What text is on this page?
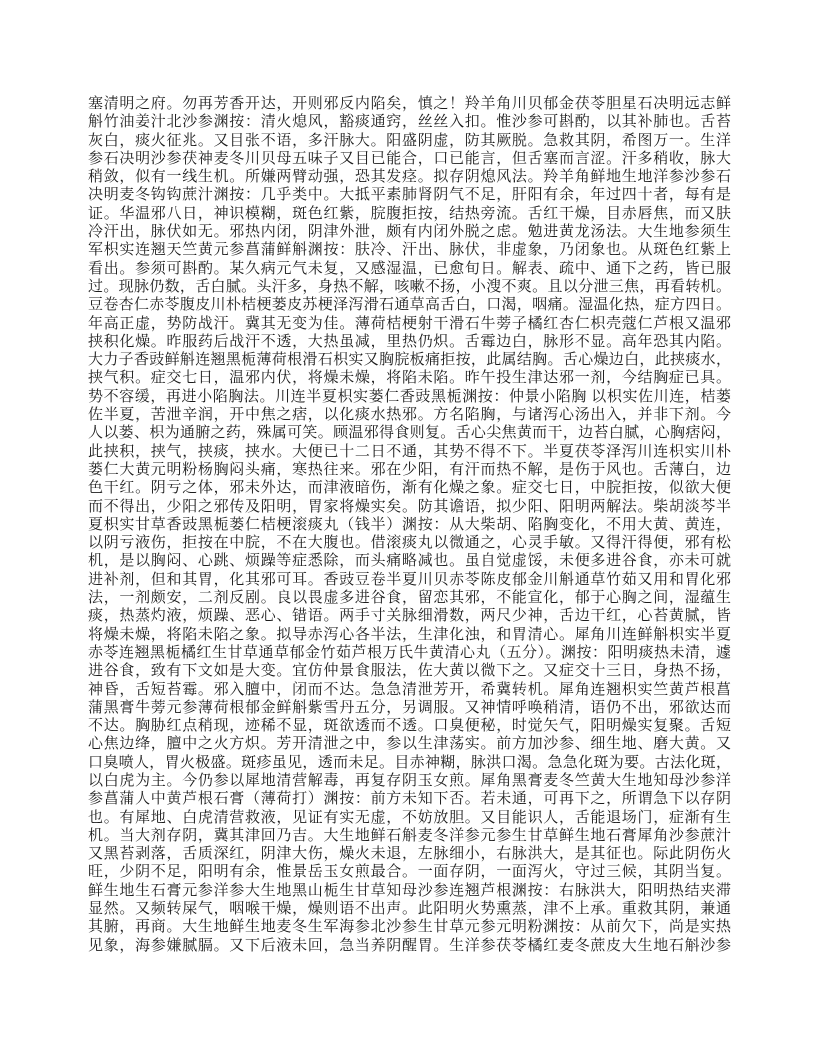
塞清明之府。勿再芳香开达，开则邪反内陷矣，慎之！羚羊角川贝郁金茯苓胆星石决明远志鲜
斛竹油姜汁北沙参渊按：清火熄风，豁痰通窍，丝丝入扣。惟沙参可斟酌，以其补肺也。舌苔
灰白，痰火征兆。又目张不语，多汗脉大。阳盛阴虚，防其厥脱。急救其阴，希图万一。生洋
参石决明沙参茯神麦冬川贝母五味子又目已能合，口已能言，但舌塞而言涩。汗多稍收，脉大
稍敛，似有一线生机。所嫌两臂动强，恐其发痉。拟存阴熄风法。羚羊角鲜地生地洋参沙参石
决明麦冬钩钩蔗汁渊按：几乎类中。大抵平素肺肾阴气不足，肝阳有余，年过四十者，每有是
证。华温邪八日，神识模糊，斑色红紫，脘腹拒按，结热旁流。舌红干燥，目赤唇焦，而又肤
冷汗出，脉伏如无。邪热内闭，阴津外泄，颇有内闭外脱之虑。勉进黄龙汤法。大生地参须生
军枳实连翘天竺黄元参菖蒲鲜斛渊按：肤冷、汗出、脉伏，非虚象，乃闭象也。从斑色红紫上
看出。参须可斟酌。某久病元气未复，又感湿温，已愈旬日。解表、疏中、通下之药，皆已服
过。现脉仍数，舌白腻。头汗多，身热不解，咳嗽不扬，小溲不爽。且以分泄三焦，再看转机。
豆卷杏仁赤苓腹皮川朴桔梗蒌皮苏梗泽泻滑石通草高舌白，口渴，咽痛。湿温化热，症方四日。
年高正虚，势防战汗。冀其无变为佳。薄荷桔梗射干滑石牛蒡子橘红杏仁枳壳蔻仁芦根又温邪
挟积化燥。昨服药后战汗不透，大热虽减，里热仍炽。舌霉边白，脉形不显。高年恐其内陷。
大力子香豉鲜斛连翘黑栀薄荷根滑石枳实又胸脘板痛拒按，此属结胸。舌心燥边白，此挟痰水，
挟气积。症交七日，温邪内伏，将燥未燥，将陷未陷。昨午投生津达邪一剂，今结胸症已具。
势不容缓，再进小陷胸法。川连半夏枳实蒌仁香豉黑栀渊按：仲景小陷胸 以枳实佐川连，桔蒌
佐半夏，苦泄辛润，开中焦之痞，以化痰水热邪。方名陷胸，与诸泻心汤出入，并非下剂。今
人以蒌、枳为通腑之药，殊属可笑。顾温邪得食则复。舌心尖焦黄而干，边苔白腻，心胸痞闷，
此挟积，挟气，挟痰，挟水。大便已十二日不通，其势不得不下。半夏茯苓泽泻川连枳实川朴
蒌仁大黄元明粉杨胸闷头痛，寒热往来。邪在少阳，有汗而热不解，是伤于风也。舌薄白，边
色干红。阴亏之体，邪未外达，而津液暗伤，渐有化燥之象。症交七日，中脘拒按，似欲大便
而不得出，少阳之邪传及阳明，胃家将燥实矣。防其谵语，拟少阳、阳明两解法。柴胡淡芩半
夏枳实甘草香豉黑栀蒌仁桔梗滚痰丸（钱半）渊按：从大柴胡、陷胸变化，不用大黄、黄连，
以阴亏液伤，拒按在中脘，不在大腹也。借滚痰丸以微通之，心灵手敏。又得汗得便，邪有松
机，是以胸闷、心跳、烦躁等症悉除，而头痛略减也。虽自觉虚馁，未便多进谷食，亦未可就
进补剂，但和其胃，化其邪可耳。香豉豆卷半夏川贝赤苓陈皮郁金川斛通草竹茹又用和胃化邪
法，一剂颇安，二剂反剧。良以畏虚多进谷食，留恋其邪，不能宣化，郁于心胸之间，湿蕴生
痰，热蒸灼液，烦躁、恶心、错语。两手寸关脉细滑数，两尺少神，舌边干红，心苔黄腻，皆
将燥未燥，将陷未陷之象。拟导赤泻心各半法，生津化浊，和胃清心。犀角川连鲜斛枳实半夏
赤苓连翘黑栀橘红生甘草通草郁金竹茹芦根万氏牛黄清心丸（五分）。渊按：阳明痰热未清，遽
进谷食，致有下文如是大变。宜仿仲景食服法，佐大黄以微下之。又症交十三日，身热不扬，
神昏，舌短苔霉。邪入膻中，闭而不达。急急清泄芳开，希冀转机。犀角连翘枳实竺黄芦根菖
蒲黑膏牛蒡元参薄荷根郁金鲜斛紫雪丹五分，另调服。又神情呼唤稍清，语仍不出，邪欲达而
不达。胸胁红点稍现，迹稀不显，斑欲透而不透。口臭便秘，时觉矢气，阳明燥实复聚。舌短
心焦边绛，膻中之火方炽。芳开清泄之中，参以生津荡实。前方加沙参、细生地、磨大黄。又
口臭喷人，胃火极盛。斑疹虽见，透而未足。目赤神糊，脉洪口渴。急急化斑为要。古法化斑，
以白虎为主。今仍参以犀地清营解毒，再复存阴玉女煎。犀角黑膏麦冬竺黄大生地知母沙参洋
参菖蒲人中黄芦根石膏（薄荷打）渊按：前方未知下否。若未通，可再下之，所谓急下以存阴
也。有犀地、白虎清营救液，见证有实无虚，不妨放胆。又目能识人，舌能退场门，症渐有生
机。当大剂存阴，冀其津回乃吉。大生地鲜石斛麦冬洋参元参生甘草鲜生地石膏犀角沙参蔗汁
又黑苔剥落，舌质深红，阴津大伤，燥火未退，左脉细小，右脉洪大，是其征也。际此阴伤火
旺，少阴不足，阳明有余，惟景岳玉女煎最合。一面存阴，一面泻火，守过三候，其阴当复。
鲜生地生石膏元参洋参大生地黑山栀生甘草知母沙参连翘芦根渊按：右脉洪大，阳明热结夹滞
显然。又频转屎气，咽喉干燥，燥则语不出声。此阳明火势熏蒸，津不上承。重救其阴，兼通
其腑，再商。大生地鲜生地麦冬生军海参北沙参生甘草元参元明粉渊按：从前欠下，尚是实热
见象，海参嫌腻膈。又下后液未回，急当养阴醒胃。生洋参茯苓橘红麦冬蔗皮大生地石斛沙参
